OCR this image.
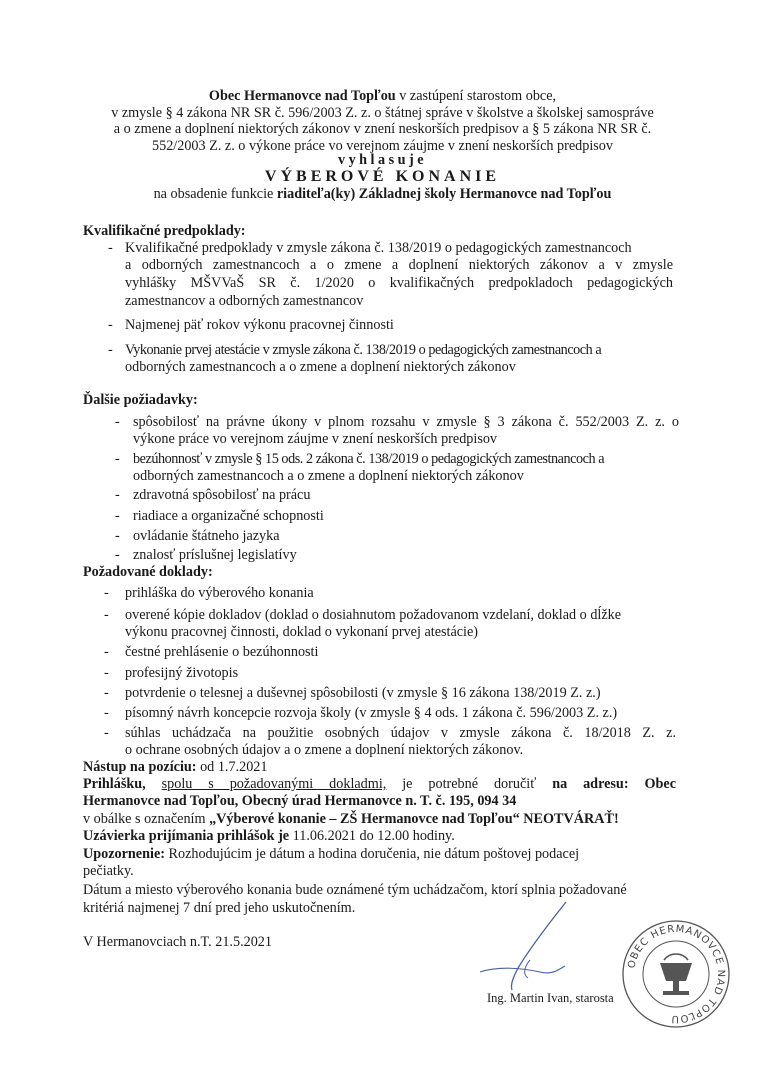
Obec Hermanovce nad Topľou v zastúpení starostom obce,
v zmysle § 4 zákona NR SR č. 596/2003 Z. z. o štátnej správe v školstve a školskej samospráve
a o zmene a doplnení niektorých zákonov v znení neskorších predpisov a § 5 zákona NR SR č.
552/2003 Z. z. o výkone práce vo verejnom záujme v znení neskorších predpisov
vyhlasuje
VÝBEROVÉ KONANIE
na obsadenie funkcie riaditeľa(ky) Základnej školy Hermanovce nad Topľou
Kvalifikačné predpoklady:
- Kvalifikačné predpoklady v zmysle zákona č. 138/2019 o pedagogických zamestnancoch
a odborných zamestnancoch a o zmene a doplnení niektorých zákonov a v zmysle
vyhlášky MŠVVaŠ SR č. 1/2020 o kvalifikačných predpokladoch pedagogických
zamestnancov a odborných zamestnancov
- Najmenej päť rokov výkonu pracovnej činnosti
- Vykonanie prvej atestácie v zmysle zákona č. 138/2019 o pedagogických zamestnancoch a
odborných zamestnancoch a o zmene a doplnení niektorých zákonov
Ďalšie požiadavky:
- spôsobilosť na právne úkony v plnom rozsahu v zmysle § 3 zákona č. 552/2003 Z. z. o
výkone práce vo verejnom záujme v znení neskorších predpisov
- bezúhonnosť v zmysle § 15 ods. 2 zákona č. 138/2019 o pedagogických zamestnancoch a
odborných zamestnancoch a o zmene a doplnení niektorých zákonov
- zdravotná spôsobilosť na prácu
- riadiace a organizačné schopnosti
- ovládanie štátneho jazyka
- znalosť príslušnej legislatívy
Požadované doklady:
- prihláška do výberového konania
- overené kópie dokladov (doklad o dosiahnutom požadovanom vzdelaní, doklad o dĺžke
výkonu pracovnej činnosti, doklad o vykonaní prvej atestácie)
- čestné prehlásenie o bezúhonnosti
- profesijný životopis
- potvrdenie o telesnej a duševnej spôsobilosti (v zmysle § 16 zákona 138/2019 Z. z.)
- písomný návrh koncepcie rozvoja školy (v zmysle § 4 ods. 1 zákona č. 596/2003 Z. z.)
- súhlas uchádzača na použitie osobných údajov v zmysle zákona č. 18/2018 Z. z.
o ochrane osobných údajov a o zmene a doplnení niektorých zákonov.
Nástup na pozíciu: od 1.7.2021
Prihlášku, spolu s požadovanými dokladmi, je potrebné doručiť na adresu: Obec
Hermanovce nad Topľou, Obecný úrad Hermanovce n. T. č. 195, 094 34
v obálke s označením „Výberové konanie – ZŠ Hermanovce nad Topľou“ NEOTVÁRAŤ!
Uzávierka prijímania prihlášok je 11.06.2021 do 12.00 hodiny.
Upozornenie: Rozhodujúcim je dátum a hodina doručenia, nie dátum poštovej podacej
pečiatky.
Dátum a miesto výberového konania bude oznámené tým uchádzačom, ktorí splnia požadované
kritériá najmenej 7 dní pred jeho uskutočnením.
V Hermanovciach n.T. 21.5.2021
Ing. Martin Ivan, starosta
OBEC HERMANOVCE NAD TOPĽOU
